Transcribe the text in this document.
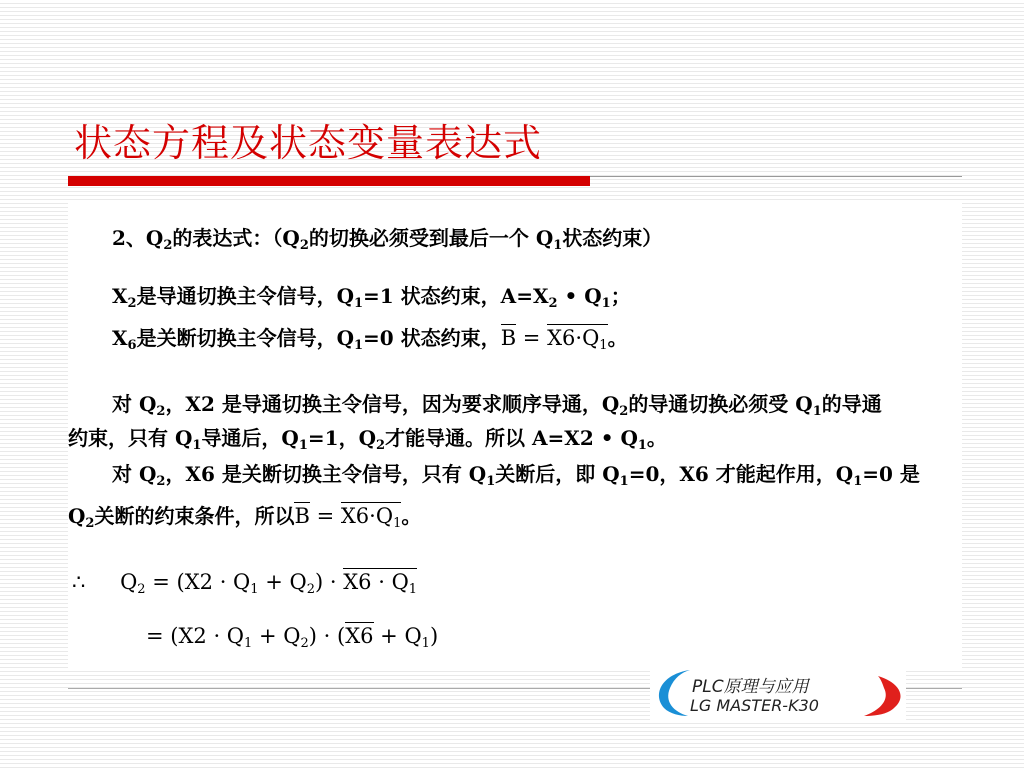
状态方程及状态变量表达式
2、$Q_2$的表达式：（$Q_2$的切换必须受到最后一个 $Q_1$状态约束）
$X_2$是导通切换主令信号，$Q_1=1$ 状态约束，$A=X_2$ • $Q_1$；
$X_6$是关断切换主令信号，$Q_1=0$ 状态约束，$B = X6\cdot Q_1$。
对 $Q_2$，X2 是导通切换主令信号，因为要求顺序导通，$Q_2$的导通切换必须受 $Q_1$的导通
约束，只有 $Q_1$导通后，$Q_1=1$，$Q_2$才能导通。所以 A=X2 • $Q_1$。
对 $Q_2$，X6 是关断切换主令信号，只有 $Q_1$关断后，即 $Q_1=0$，X6 才能起作用，$Q_1=0$ 是
$Q_2$关断的约束条件，所以$B = X6\cdot Q_1$。
∴ $Q_2 = (X2 \cdot Q_1 + Q_2) \cdot X6 \cdot Q_1$
= $(X2 \cdot Q_1 + Q_2) \cdot (X6 + Q_1)$
PLC原理与应用
LG MASTER-K30
